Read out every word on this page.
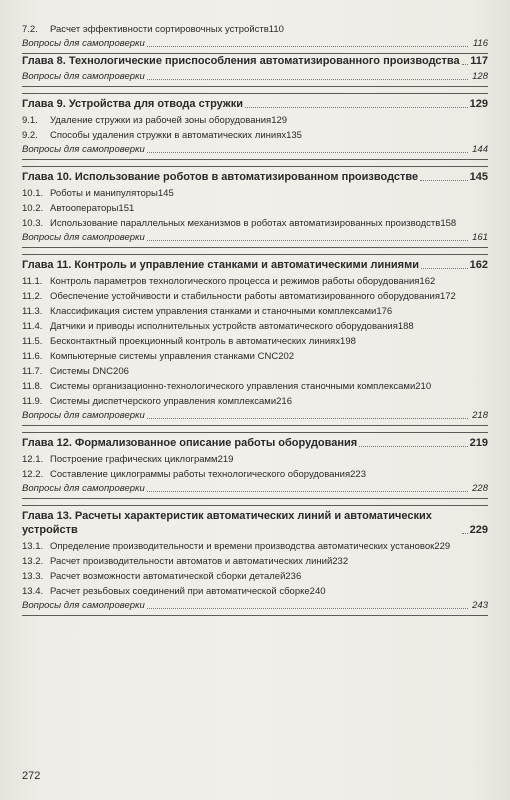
7.2.	Расчет эффективности сортировочных устройств 110
Вопросы для самопроверки	116
Глава 8. Технологические приспособления автоматизированного производства 117
Вопросы для самопроверки	128
Глава 9. Устройства для отвода стружки	129
9.1.	Удаление стружки из рабочей зоны оборудования 129
9.2.	Способы удаления стружки в автоматических линиях 135
Вопросы для самопроверки	144
Глава 10. Использование роботов в автоматизированном производстве	145
10.1. Роботы и манипуляторы 145
10.2. Автооператоры 151
10.3. Использование параллельных механизмов в роботах автоматизированных производств 158
Вопросы для самопроверки	161
Глава 11. Контроль и управление станками и автоматическими линиями	162
11.1. Контроль параметров технологического процесса и режимов работы оборудования 162
11.2. Обеспечение устойчивости и стабильности работы автоматизированного оборудования 172
11.3. Классификация систем управления станками и станочными комплексами 176
11.4. Датчики и приводы исполнительных устройств автоматического оборудования 188
11.5. Бесконтактный проекционный контроль в автоматических линиях 198
11.6. Компьютерные системы управления станками CNC 202
11.7. Системы DNC 206
11.8. Системы организационно-технологического управления станочными комплексами 210
11.9. Системы диспетчерского управления комплексами 216
Вопросы для самопроверки	218
Глава 12. Формализованное описание работы оборудования	219
12.1. Построение графических циклограмм 219
12.2. Составление циклограммы работы технологического оборудования 223
Вопросы для самопроверки	228
Глава 13. Расчеты характеристик автоматических линий и автоматических устройств	229
13.1. Определение производительности и времени производства автоматических установок 229
13.2. Расчет производительности автоматов и автоматических линий 232
13.3. Расчет возможности автоматической сборки деталей 236
13.4. Расчет резьбовых соединений при автоматической сборке 240
Вопросы для самопроверки	243
272
